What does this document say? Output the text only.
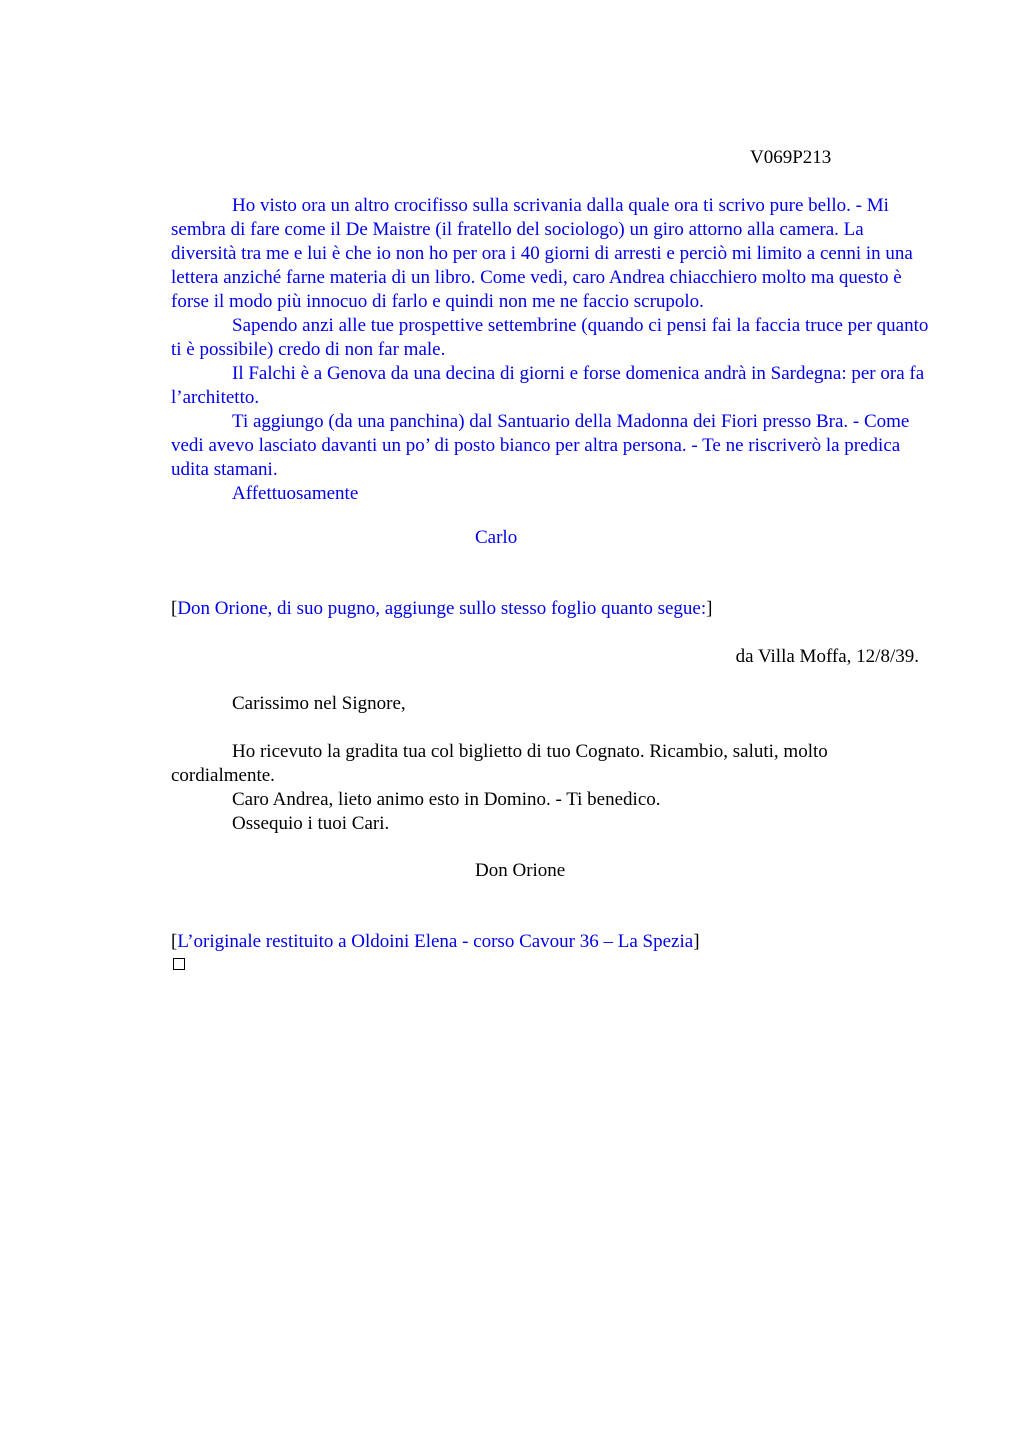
V069P213

Ho visto ora un altro crocifisso sulla scrivania dalla quale ora ti scrivo pure bello. - Mi sembra di fare come il De Maistre (il fratello del sociologo) un giro attorno alla camera. La diversità tra me e lui è che io non ho per ora i 40 giorni di arresti e perciò mi limito a cenni in una lettera anziché farne materia di un libro. Come vedi, caro Andrea chiacchiero molto ma questo è forse il modo più innocuo di farlo e quindi non me ne faccio scrupolo.

Sapendo anzi alle tue prospettive settembrine (quando ci pensi fai la faccia truce per quanto ti è possibile) credo di non far male.

Il Falchi è a Genova da una decina di giorni e forse domenica andrà in Sardegna: per ora fa l’architetto.

Ti aggiungo (da una panchina) dal Santuario della Madonna dei Fiori presso Bra. - Come vedi avevo lasciato davanti un po’ di posto bianco per altra persona. - Te ne riscriverò la predica udita stamani.

Affettuosamente
Carlo
[Don Orione, di suo pugno, aggiunge sullo stesso foglio quanto segue:]
da Villa Moffa, 12/8/39.
Carissimo nel Signore,

Ho ricevuto la gradita tua col biglietto di tuo Cognato. Ricambio, saluti, molto cordialmente.

Caro Andrea, lieto animo esto in Domino. - Ti benedico.
Ossequio i tuoi Cari.
Don Orione
[L’originale restituito a Oldoini Elena - corso Cavour 36 – La Spezia]
